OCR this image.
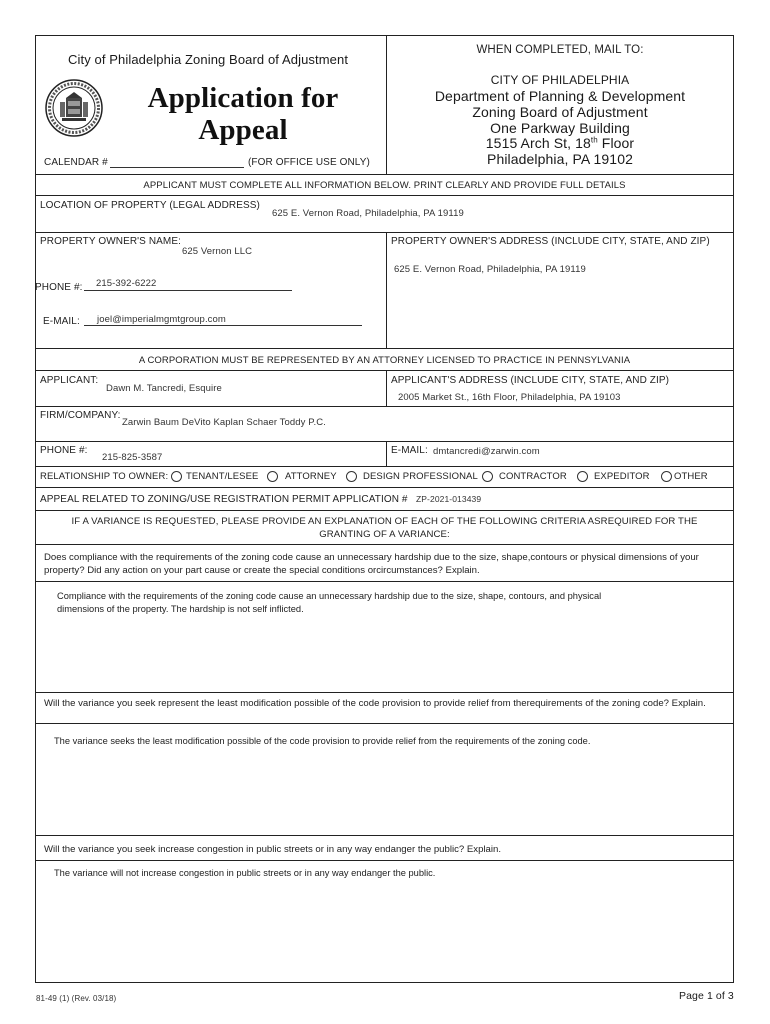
City of Philadelphia Zoning Board of Adjustment
Application for
Appeal
CALENDAR #	(FOR OFFICE USE ONLY)
WHEN COMPLETED, MAIL TO:
CITY OF PHILADELPHIA
Department of Planning & Development
Zoning Board of Adjustment
One Parkway Building
1515 Arch St, 18th Floor
Philadelphia, PA 19102
APPLICANT MUST COMPLETE ALL INFORMATION BELOW. PRINT CLEARLY AND PROVIDE FULL DETAILS
LOCATION OF PROPERTY (LEGAL ADDRESS)
625 E. Vernon Road, Philadelphia, PA 19119
PROPERTY OWNER'S NAME:
625 Vernon LLC
PROPERTY OWNER'S ADDRESS (INCLUDE CITY, STATE, AND ZIP)
625 E. Vernon Road, Philadelphia, PA 19119
PHONE #: 215-392-6222
E-MAIL: joel@imperialmgmtgroup.com
A CORPORATION MUST BE REPRESENTED BY AN ATTORNEY LICENSED TO PRACTICE IN PENNSYLVANIA
APPLICANT:
Dawn M. Tancredi, Esquire
APPLICANT'S ADDRESS (INCLUDE CITY, STATE, AND ZIP)
2005 Market St., 16th Floor, Philadelphia, PA 19103
FIRM/COMPANY:
Zarwin Baum DeVito Kaplan Schaer Toddy P.C.
PHONE #:
215-825-3587
E-MAIL: dmtancredi@zarwin.com
RELATIONSHIP TO OWNER: TENANT/LESEE	ATTORNEY	DESIGN PROFESSIONAL CONTRACTOR	EXPEDITOR	OTHER
APPEAL RELATED TO ZONING/USE REGISTRATION PERMIT APPLICATION # ZP-2021-013439
IF A VARIANCE IS REQUESTED, PLEASE PROVIDE AN EXPLANATION OF EACH OF THE FOLLOWING CRITERIA ASREQUIRED FOR THE
GRANTING OF A VARIANCE:
Does compliance with the requirements of the zoning code cause an unnecessary hardship due to the size, shape,contours or physical dimensions of your property? Did any action on your part cause or create the special conditions orcircumstances? Explain.
Compliance with the requirements of the zoning code cause an unnecessary hardship due to the size, shape, contours, and physical dimensions of the property. The hardship is not self inflicted.
Will the variance you seek represent the least modification possible of the code provision to provide relief from therequirements of the zoning code? Explain.
The variance seeks the least modification possible of the code provision to provide relief from the requirements of the zoning code.
Will the variance you seek increase congestion in public streets or in any way endanger the public? Explain.
The variance will not increase congestion in public streets or in any way endanger the public.
81-49 (1) (Rev. 03/18)	Page 1 of 3
